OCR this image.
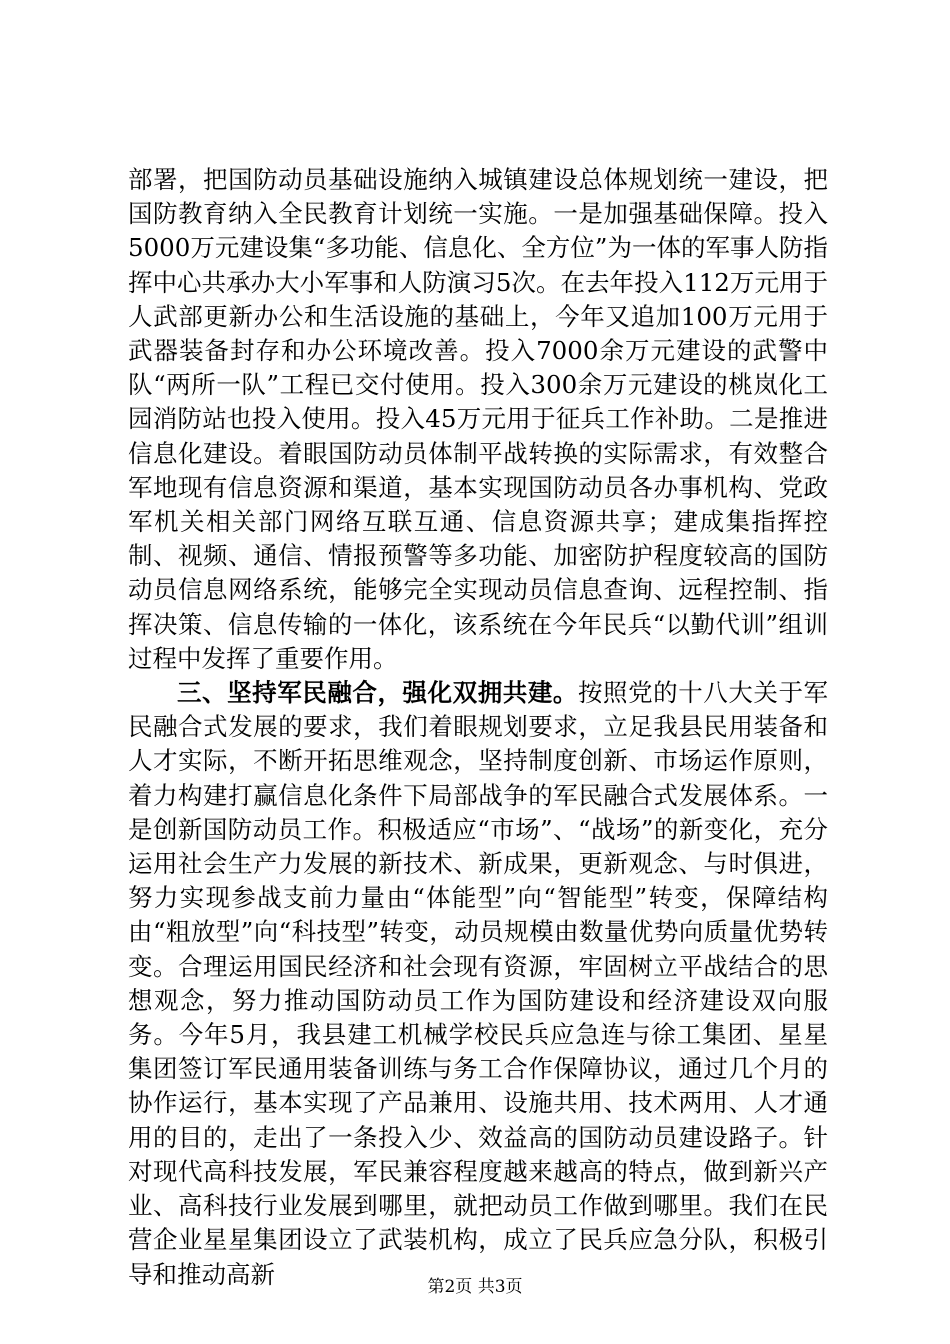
部署，把国防动员基础设施纳入城镇建设总体规划统一建设，把国防教育纳入全民教育计划统一实施。一是加强基础保障。投入5000万元建设集“多功能、信息化、全方位”为一体的军事人防指挥中心共承办大小军事和人防演习5次。在去年投入112万元用于人武部更新办公和生活设施的基础上，今年又追加100万元用于武器装备封存和办公环境改善。投入7000余万元建设的武警中队“两所一队”工程已交付使用。投入300余万元建设的桃岚化工园消防站也投入使用。投入45万元用于征兵工作补助。二是推进信息化建设。着眼国防动员体制平战转换的实际需求，有效整合军地现有信息资源和渠道，基本实现国防动员各办事机构、党政军机关相关部门网络互联互通、信息资源共享；建成集指挥控制、视频、通信、情报预警等多功能、加密防护程度较高的国防动员信息网络系统，能够完全实现动员信息查询、远程控制、指挥决策、信息传输的一体化，该系统在今年民兵“以勤代训”组训过程中发挥了重要作用。

三、坚持军民融合，强化双拥共建。按照党的十八大关于军民融合式发展的要求，我们着眼规划要求，立足我县民用装备和人才实际，不断开拓思维观念，坚持制度创新、市场运作原则，着力构建打赢信息化条件下局部战争的军民融合式发展体系。一是创新国防动员工作。积极适应“市场”、“战场”的新变化，充分运用社会生产力发展的新技术、新成果，更新观念、与时俱进，努力实现参战支前力量由“体能型”向“智能型”转变，保障结构由“粗放型”向“科技型”转变，动员规模由数量优势向质量优势转变。合理运用国民经济和社会现有资源，牢固树立平战结合的思想观念，努力推动国防动员工作为国防建设和经济建设双向服务。今年5月，我县建工机械学校民兵应急连与徐工集团、星星集团签订军民通用装备训练与务工合作保障协议，通过几个月的协作运行，基本实现了产品兼用、设施共用、技术两用、人才通用的目的，走出了一条投入少、效益高的国防动员建设路子。针对现代高科技发展，军民兼容程度越来越高的特点，做到新兴产业、高科技行业发展到哪里，就把动员工作做到哪里。我们在民营企业星星集团设立了武装机构，成立了民兵应急分队，积极引导和推动高新	第2页 共3页
